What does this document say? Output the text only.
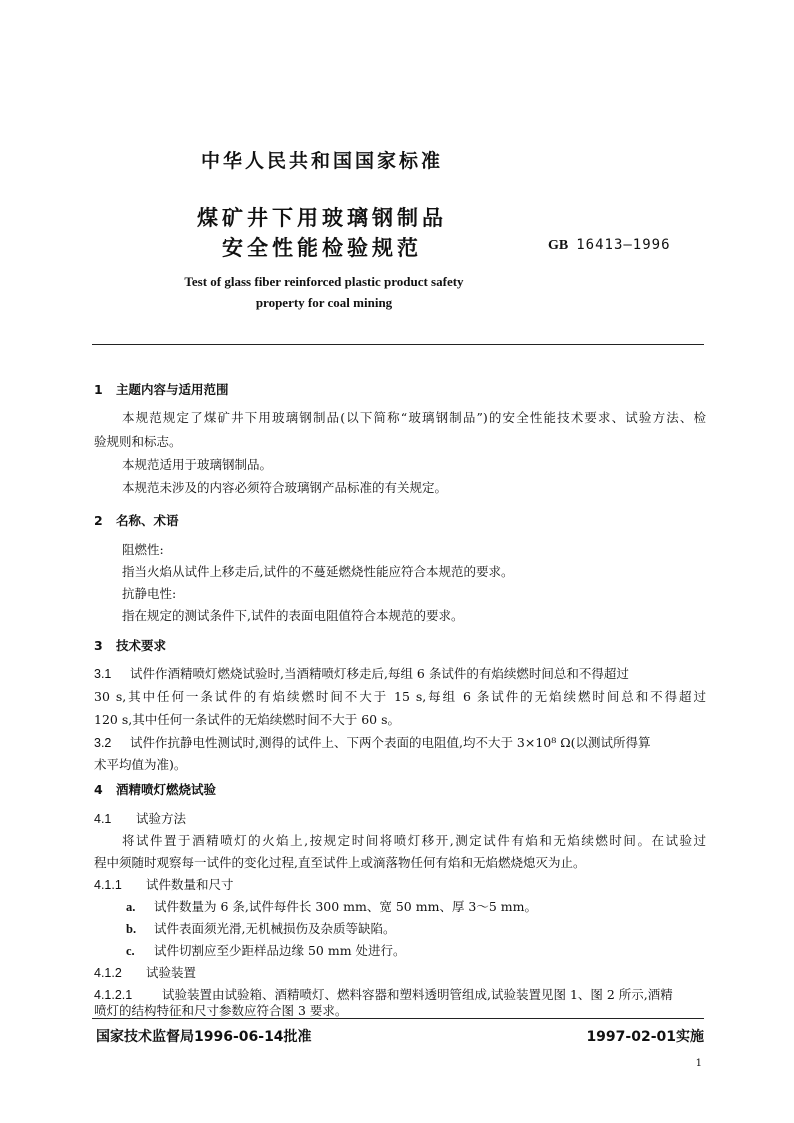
中华人民共和国国家标准
煤矿井下用玻璃钢制品
安全性能检验规范	GB 16413—1996
Test of glass fiber reinforced plastic product safety
property for coal mining
1 主题内容与适用范围
本规范规定了煤矿井下用玻璃钢制品(以下简称“玻璃钢制品”)的安全性能技术要求、试验方法、检
验规则和标志。
本规范适用于玻璃钢制品。
本规范未涉及的内容必须符合玻璃钢产品标准的有关规定。
2 名称、术语
阻燃性:
指当火焰从试件上移走后,试件的不蔓延燃烧性能应符合本规范的要求。
抗静电性:
指在规定的测试条件下,试件的表面电阻值符合本规范的要求。
3 技术要求
3.1 试件作酒精喷灯燃烧试验时,当酒精喷灯移走后,每组 6 条试件的有焰续燃时间总和不得超过
30 s,其中任何一条试件的有焰续燃时间不大于 15 s,每组 6 条试件的无焰续燃时间总和不得超过
120 s,其中任何一条试件的无焰续燃时间不大于 60 s。
3.2 试件作抗静电性测试时,测得的试件上、下两个表面的电阻值,均不大于 3×10⁸ Ω(以测试所得算
术平均值为准)。
4 酒精喷灯燃烧试验
4.1 试验方法
将试件置于酒精喷灯的火焰上,按规定时间将喷灯移开,测定试件有焰和无焰续燃时间。在试验过
程中须随时观察每一试件的变化过程,直至试件上或滴落物任何有焰和无焰燃烧熄灭为止。
4.1.1 试件数量和尺寸
a. 试件数量为 6 条,试件每件长 300 mm、宽 50 mm、厚 3～5 mm。
b. 试件表面须光滑,无机械损伤及杂质等缺陷。
c. 试件切割应至少距样品边缘 50 mm 处进行。
4.1.2 试验装置
4.1.2.1 试验装置由试验箱、酒精喷灯、燃料容器和塑料透明管组成,试验装置见图 1、图 2 所示,酒精
喷灯的结构特征和尺寸参数应符合图 3 要求。
国家技术监督局1996-06-14批准	1997-02-01实施
1
